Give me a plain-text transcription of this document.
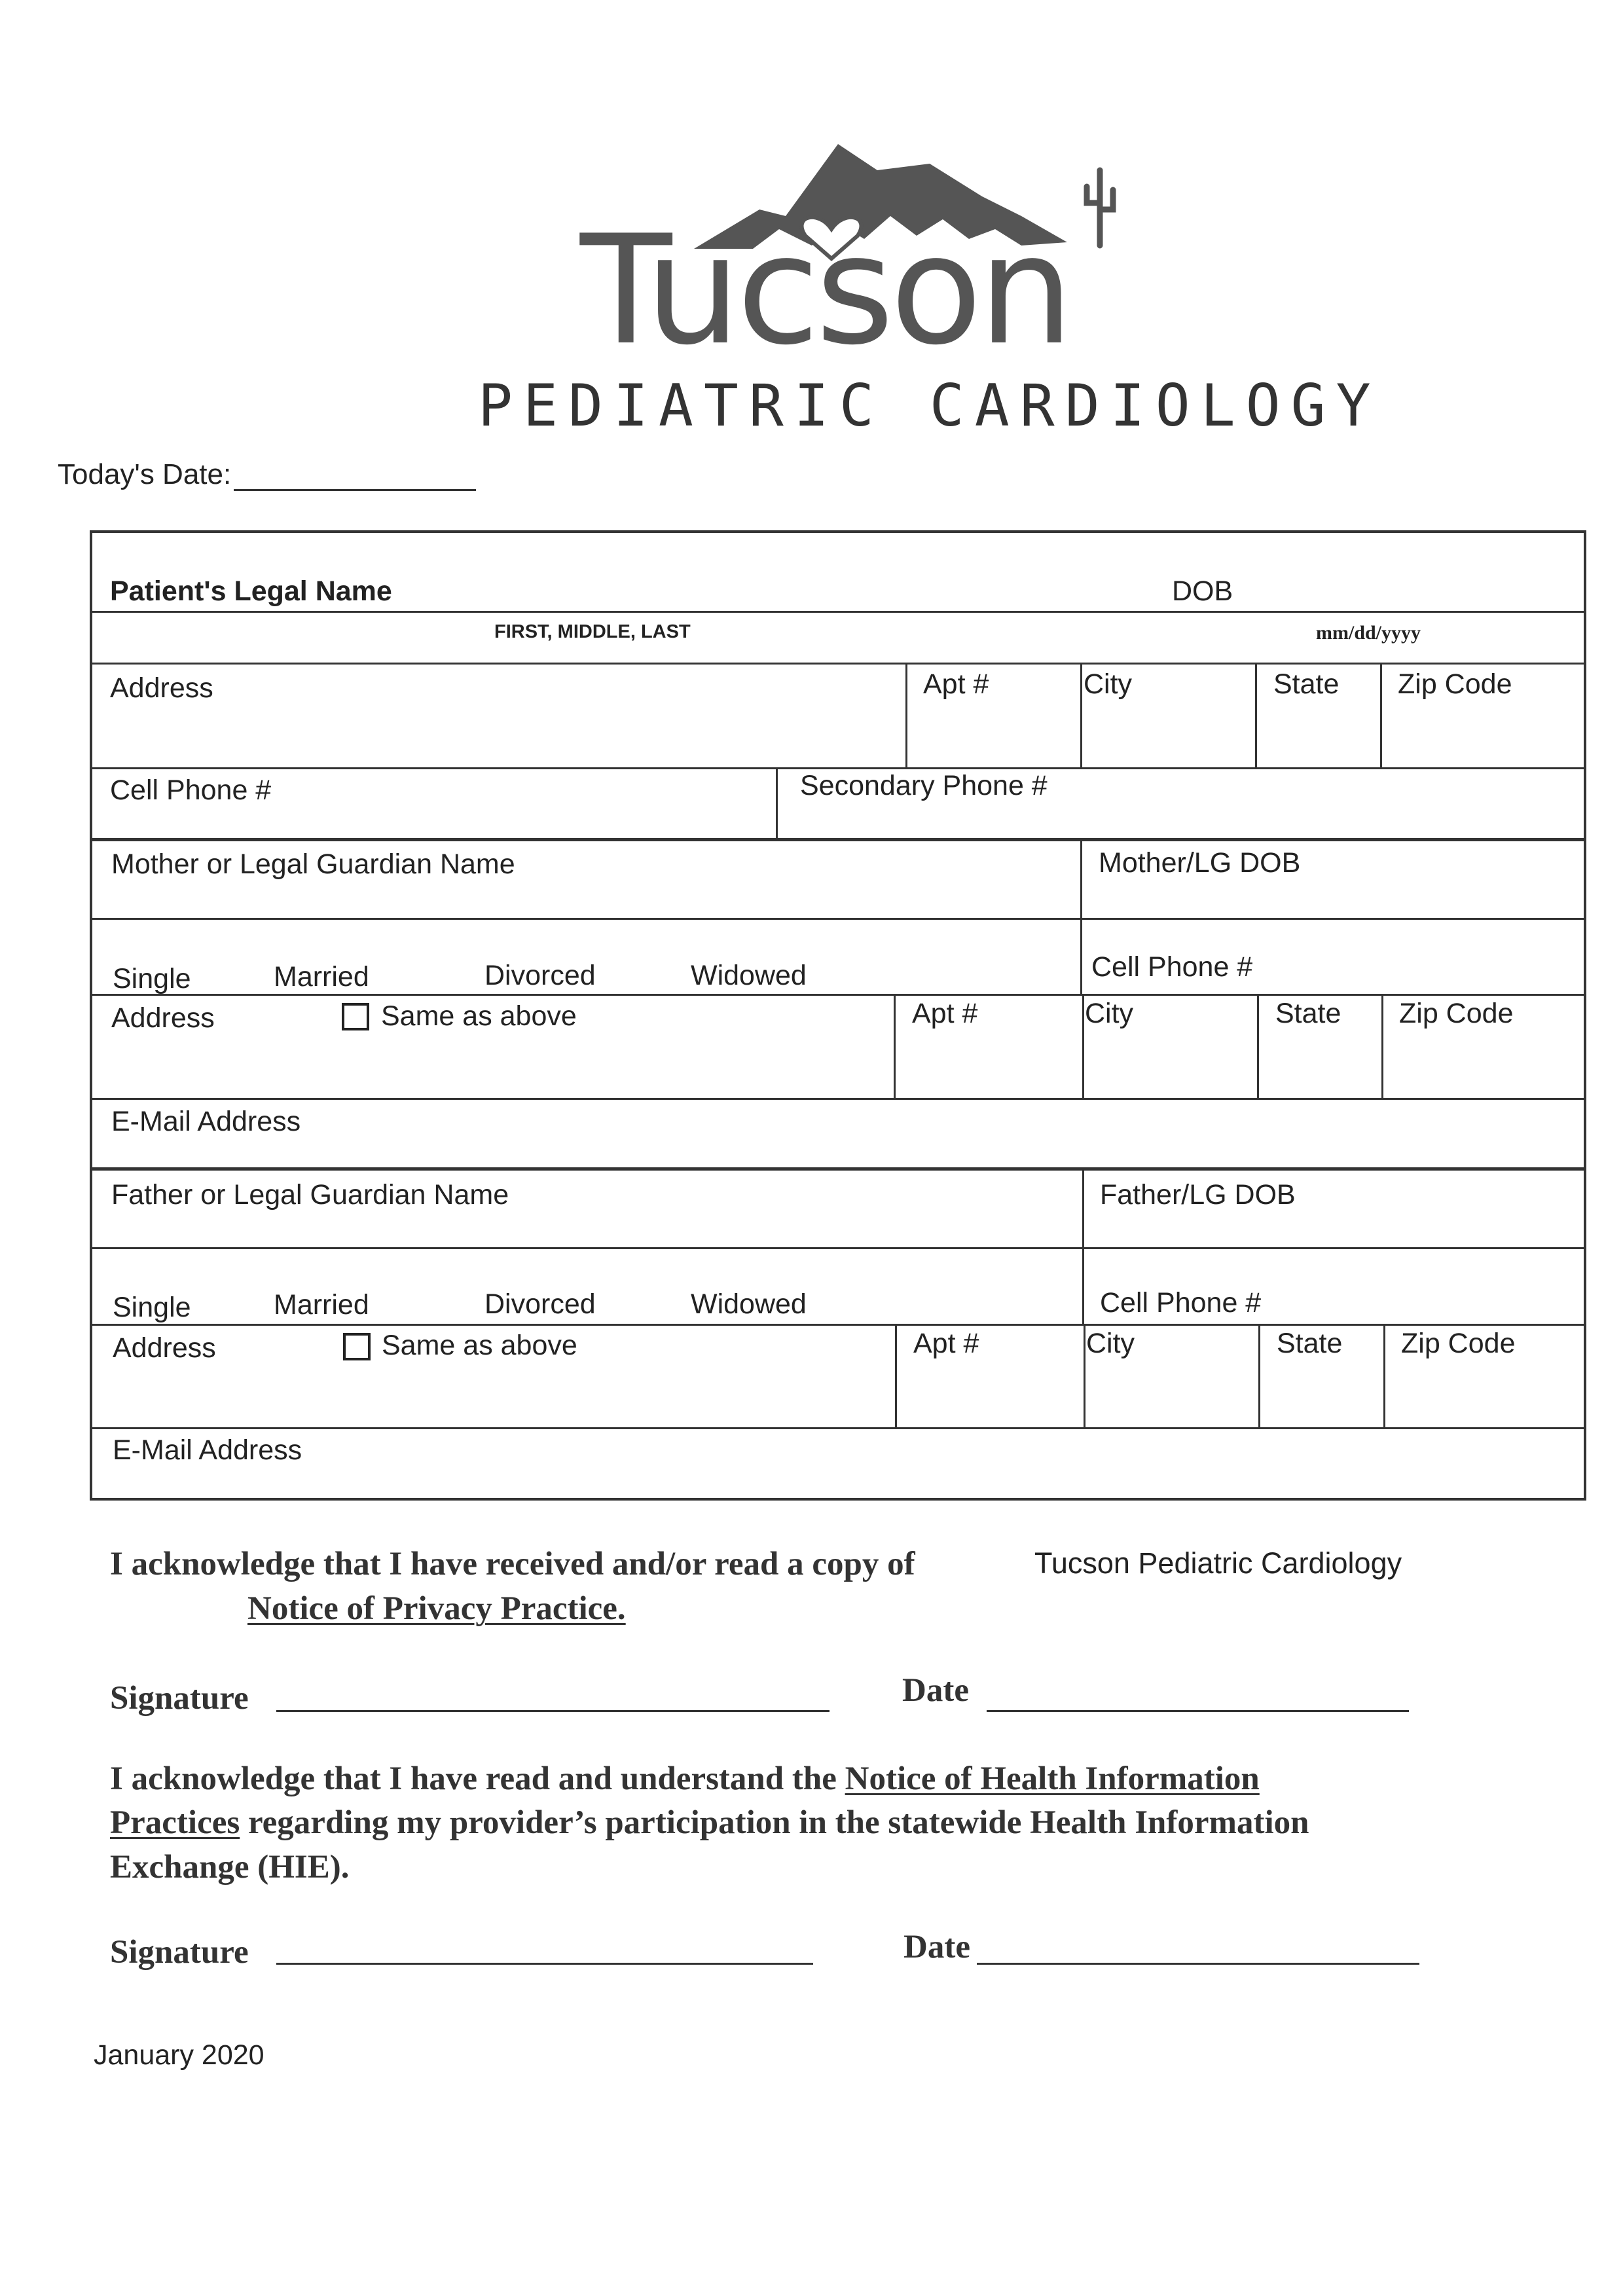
Tucson
PEDIATRIC CARDIOLOGY
Today's Date:
Patient's Legal Name	DOB
FIRST, MIDDLE, LAST	mm/dd/yyyy
Address	Apt #	City	State Zip Code
Cell Phone #	Secondary Phone #
Mother or Legal Guardian Name	Mother/LG DOB
Single	Married	Divorced	Widowed	Cell Phone #
Address	Same as above	Apt #	City	State Zip Code
E-Mail Address
Father or Legal Guardian Name	Father/LG DOB
Single	Married	Divorced	Widowed	Cell Phone #
Address	Same as above	Apt #	City	State Zip Code
E-Mail Address
I acknowledge that I have received and/or read a copy of	Tucson Pediatric Cardiology
Notice of Privacy Practice.
Signature	Date
I acknowledge that I have read and understand the Notice of Health Information
Practices regarding my provider’s participation in the statewide Health Information
Exchange (HIE).
Signature	Date
January 2020
